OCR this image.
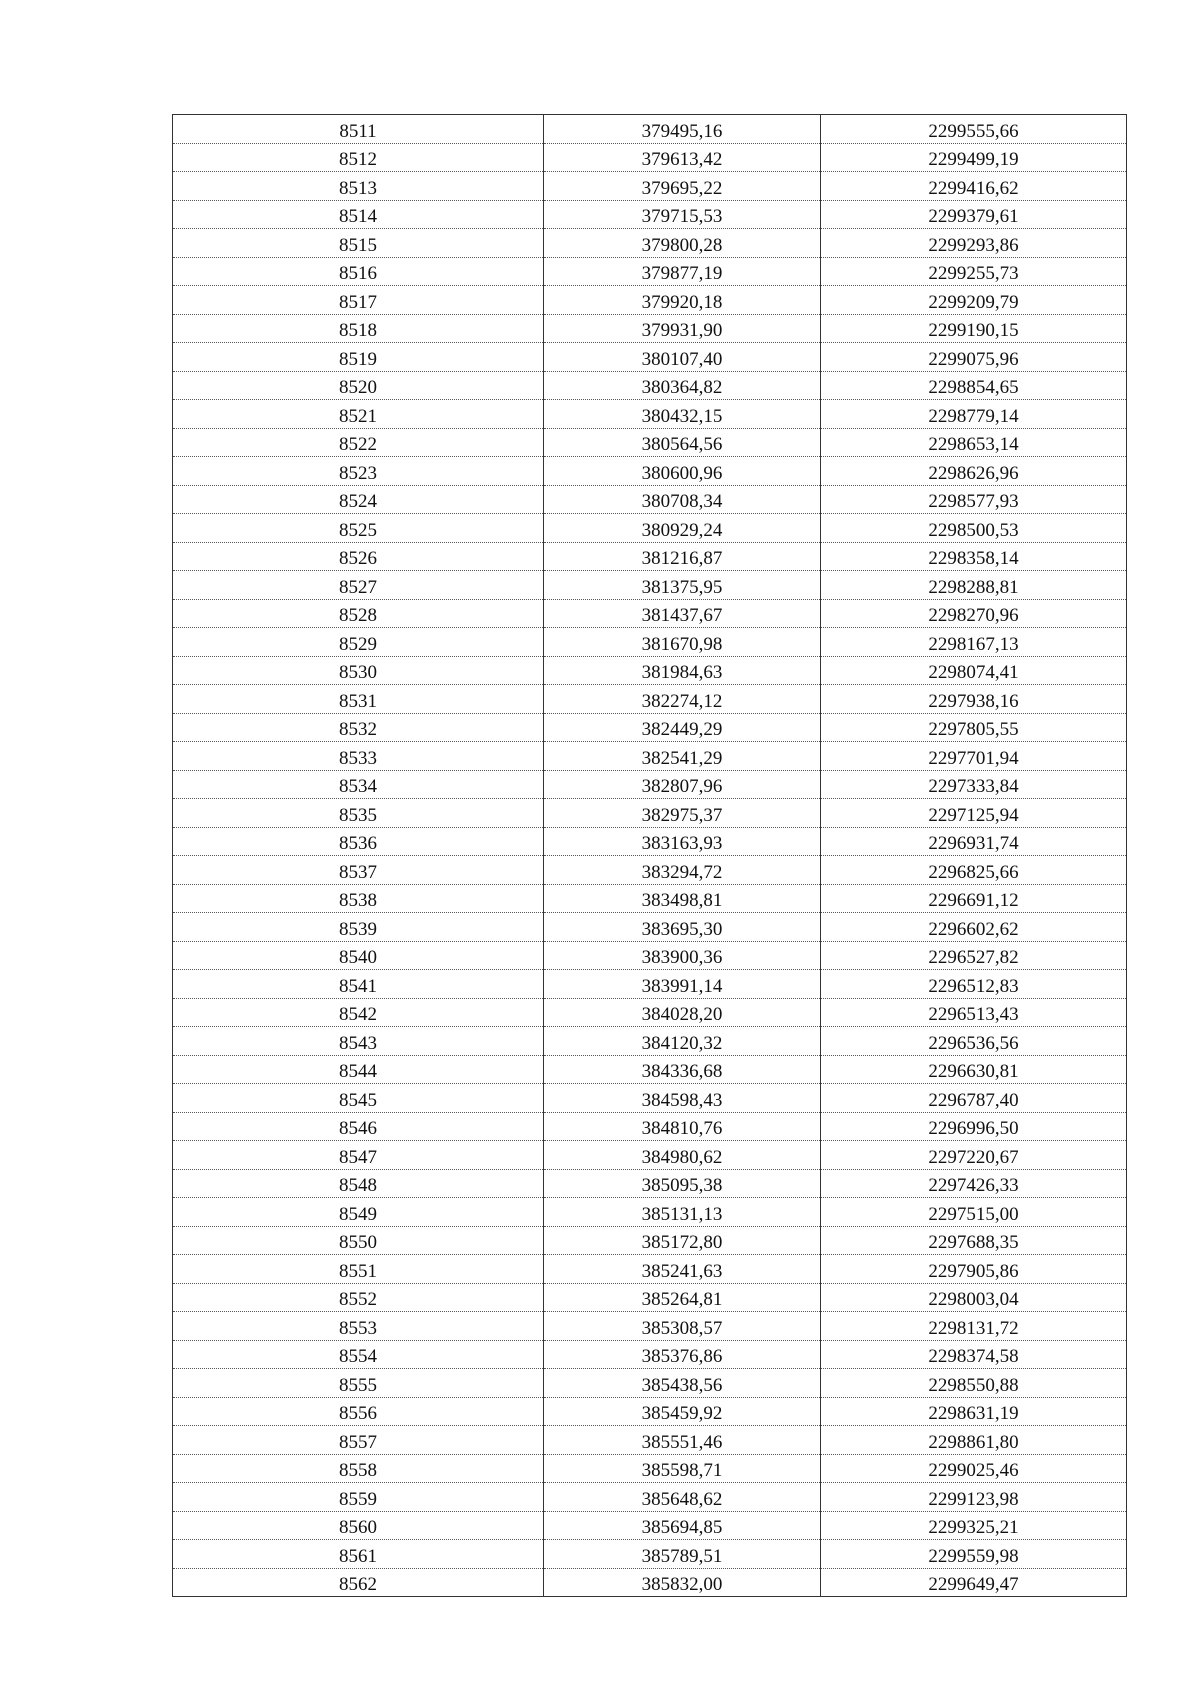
8511	379495,16	2299555,66
8512	379613,42	2299499,19
8513	379695,22	2299416,62
8514	379715,53	2299379,61
8515	379800,28	2299293,86
8516	379877,19	2299255,73
8517	379920,18	2299209,79
8518	379931,90	2299190,15
8519	380107,40	2299075,96
8520	380364,82	2298854,65
8521	380432,15	2298779,14
8522	380564,56	2298653,14
8523	380600,96	2298626,96
8524	380708,34	2298577,93
8525	380929,24	2298500,53
8526	381216,87	2298358,14
8527	381375,95	2298288,81
8528	381437,67	2298270,96
8529	381670,98	2298167,13
8530	381984,63	2298074,41
8531	382274,12	2297938,16
8532	382449,29	2297805,55
8533	382541,29	2297701,94
8534	382807,96	2297333,84
8535	382975,37	2297125,94
8536	383163,93	2296931,74
8537	383294,72	2296825,66
8538	383498,81	2296691,12
8539	383695,30	2296602,62
8540	383900,36	2296527,82
8541	383991,14	2296512,83
8542	384028,20	2296513,43
8543	384120,32	2296536,56
8544	384336,68	2296630,81
8545	384598,43	2296787,40
8546	384810,76	2296996,50
8547	384980,62	2297220,67
8548	385095,38	2297426,33
8549	385131,13	2297515,00
8550	385172,80	2297688,35
8551	385241,63	2297905,86
8552	385264,81	2298003,04
8553	385308,57	2298131,72
8554	385376,86	2298374,58
8555	385438,56	2298550,88
8556	385459,92	2298631,19
8557	385551,46	2298861,80
8558	385598,71	2299025,46
8559	385648,62	2299123,98
8560	385694,85	2299325,21
8561	385789,51	2299559,98
8562	385832,00	2299649,47
